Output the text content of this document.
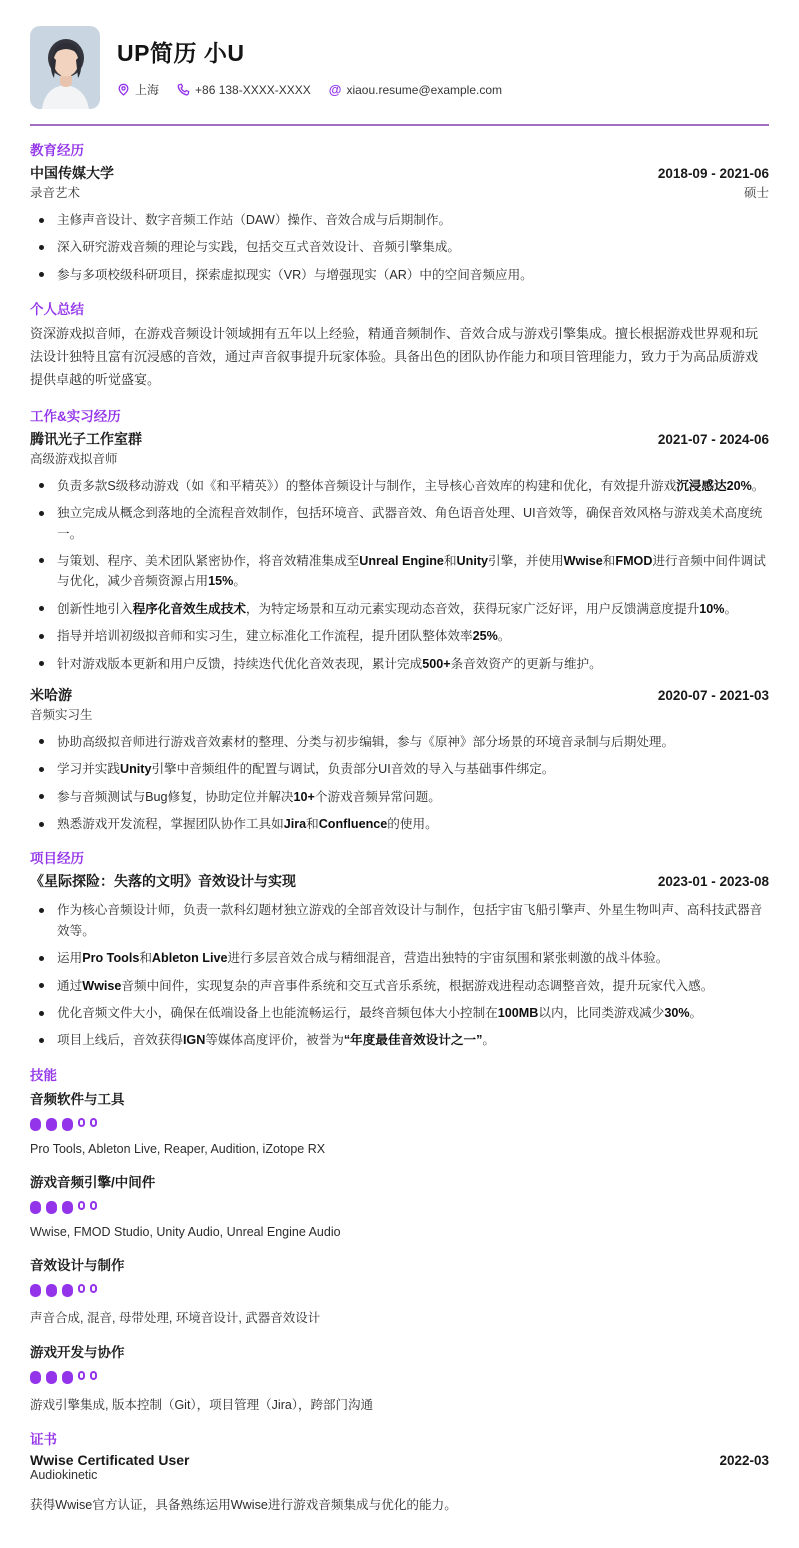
UP简历 小U
上海	+86 138-XXXX-XXXX @ xiaou.resume@example.com
教育经历
中国传媒大学	2018-09 - 2021-06
录音艺术	硕士
主修声音设计、数字音频工作站（DAW）操作、音效合成与后期制作。
深入研究游戏音频的理论与实践，包括交互式音效设计、音频引擎集成。
参与多项校级科研项目，探索虚拟现实（VR）与增强现实（AR）中的空间音频应用。
个人总结

资深游戏拟音师，在游戏音频设计领域拥有五年以上经验，精通音频制作、音效合成与游戏引擎集成。擅长根据游戏世界观和玩法设计独特且富有沉浸感的音效，通过声音叙事提升玩家体验。具备出色的团队协作能力和项目管理能力，致力于为高品质游戏提供卓越的听觉盛宴。

工作&实习经历
腾讯光子工作室群	2021-07 - 2024-06
高级游戏拟音师
负责多款S级移动游戏（如《和平精英》）的整体音频设计与制作，主导核心音效库的构建和优化，有效提升游戏沉浸感达20%。
独立完成从概念到落地的全流程音效制作，包括环境音、武器音效、角色语音处理、UI音效等，确保音效风格与游戏美术高度统一。
与策划、程序、美术团队紧密协作，将音效精准集成至Unreal Engine和Unity引擎，并使用Wwise和FMOD进行音频中间件调试与优化，减少音频资源占用15%。
创新性地引入程序化音效生成技术，为特定场景和互动元素实现动态音效，获得玩家广泛好评，用户反馈满意度提升10%。
指导并培训初级拟音师和实习生，建立标准化工作流程，提升团队整体效率25%。
针对游戏版本更新和用户反馈，持续迭代优化音效表现，累计完成500+条音效资产的更新与维护。
米哈游	2020-07 - 2021-03
音频实习生
协助高级拟音师进行游戏音效素材的整理、分类与初步编辑，参与《原神》部分场景的环境音录制与后期处理。
学习并实践Unity引擎中音频组件的配置与调试，负责部分UI音效的导入与基础事件绑定。
参与音频测试与Bug修复，协助定位并解决10+个游戏音频异常问题。
熟悉游戏开发流程，掌握团队协作工具如Jira和Confluence的使用。
项目经历
《星际探险：失落的文明》音效设计与实现	2023-01 - 2023-08
作为核心音频设计师，负责一款科幻题材独立游戏的全部音效设计与制作，包括宇宙飞船引擎声、外星生物叫声、高科技武器音效等。
运用Pro Tools和Ableton Live进行多层音效合成与精细混音，营造出独特的宇宙氛围和紧张刺激的战斗体验。
通过Wwise音频中间件，实现复杂的声音事件系统和交互式音乐系统，根据游戏进程动态调整音效，提升玩家代入感。
优化音频文件大小，确保在低端设备上也能流畅运行，最终音频包体大小控制在100MB以内，比同类游戏减少30%。
项目上线后，音效获得IGN等媒体高度评价，被誉为“年度最佳音效设计之一”。
技能
音频软件与工具
Pro Tools, Ableton Live, Reaper, Audition, iZotope RX
游戏音频引擎/中间件
Wwise, FMOD Studio, Unity Audio, Unreal Engine Audio
音效设计与制作
声音合成, 混音, 母带处理, 环境音设计, 武器音效设计
游戏开发与协作
游戏引擎集成, 版本控制（Git），项目管理（Jira），跨部门沟通
证书
Wwise Certificated User	2022-03
Audiokinetic

获得Wwise官方认证，具备熟练运用Wwise进行游戏音频集成与优化的能力。
